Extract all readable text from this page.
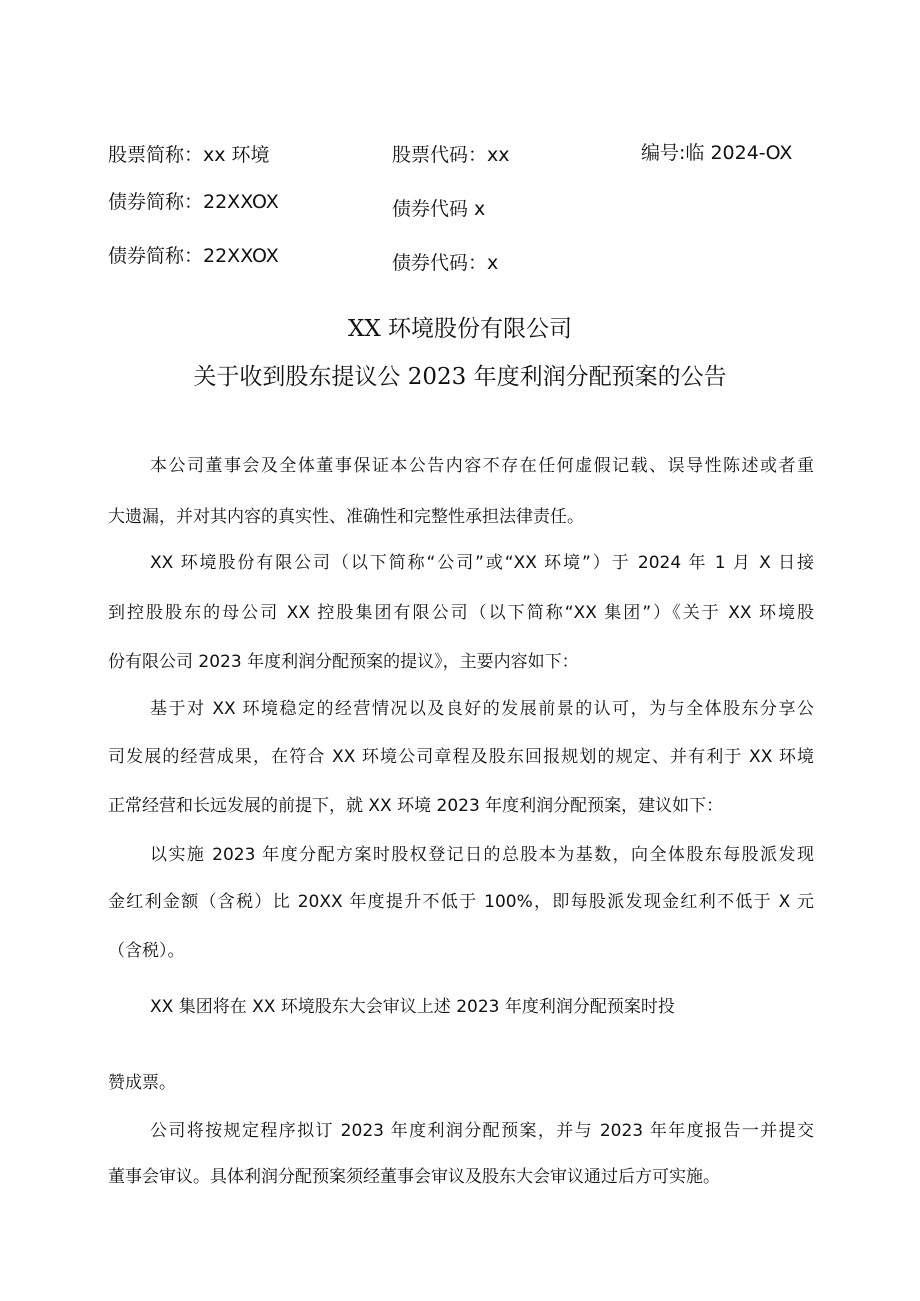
股票简称：xx 环境	股票代码：xx	编号:临 2024-OX
债券简称：22XXOX	债券代码 x
债券简称：22XXOX	债券代码：x
XX 环境股份有限公司
关于收到股东提议公 2023 年度利润分配预案的公告
本公司董事会及全体董事保证本公告内容不存在任何虚假记载、误导性陈述或者重
大遗漏，并对其内容的真实性、准确性和完整性承担法律责任。
XX 环境股份有限公司（以下简称“公司”或“XX 环境”）于 2024 年 1 月 X 日接
到控股股东的母公司 XX 控股集团有限公司（以下简称“XX 集团”）《关于 XX 环境股
份有限公司 2023 年度利润分配预案的提议》，主要内容如下：
基于对 XX 环境稳定的经营情况以及良好的发展前景的认可，为与全体股东分享公
司发展的经营成果，在符合 XX 环境公司章程及股东回报规划的规定、并有利于 XX 环境
正常经营和长远发展的前提下，就 XX 环境 2023 年度利润分配预案，建议如下：
以实施 2023 年度分配方案时股权登记日的总股本为基数，向全体股东每股派发现
金红利金额（含税）比 20XX 年度提升不低于 100%，即每股派发现金红利不低于 X 元
（含税）。
XX 集团将在 XX 环境股东大会审议上述 2023 年度利润分配预案时投
赞成票。
公司将按规定程序拟订 2023 年度利润分配预案，并与 2023 年年度报告一并提交
董事会审议。具体利润分配预案须经董事会审议及股东大会审议通过后方可实施。
